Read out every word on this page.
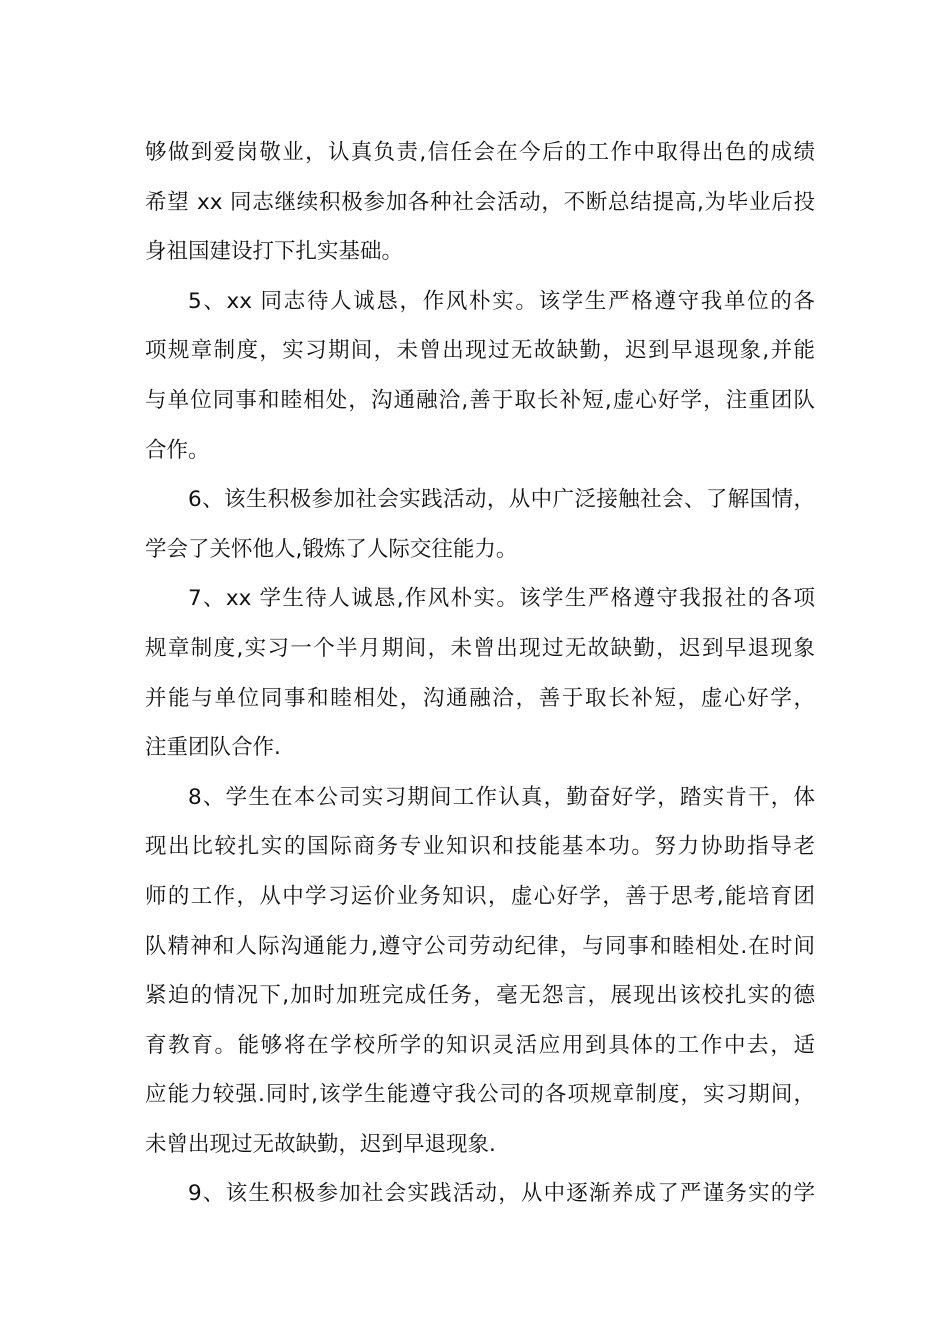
够做到爱岗敬业，认真负责,信任会在今后的工作中取得出色的成绩
希望 xx 同志继续积极参加各种社会活动，不断总结提高,为毕业后投
身祖国建设打下扎实基础。
5、xx 同志待人诚恳，作风朴实。该学生严格遵守我单位的各
项规章制度，实习期间，未曾出现过无故缺勤，迟到早退现象,并能
与单位同事和睦相处，沟通融洽,善于取长补短,虚心好学，注重团队
合作。
6、该生积极参加社会实践活动，从中广泛接触社会、了解国情，
学会了关怀他人,锻炼了人际交往能力。
7、xx 学生待人诚恳,作风朴实。该学生严格遵守我报社的各项
规章制度,实习一个半月期间，未曾出现过无故缺勤，迟到早退现象
并能与单位同事和睦相处，沟通融洽，善于取长补短，虚心好学，
注重团队合作.
8、学生在本公司实习期间工作认真，勤奋好学，踏实肯干，体
现出比较扎实的国际商务专业知识和技能基本功。努力协助指导老
师的工作，从中学习运价业务知识，虚心好学，善于思考,能培育团
队精神和人际沟通能力,遵守公司劳动纪律，与同事和睦相处.在时间
紧迫的情况下,加时加班完成任务，毫无怨言，展现出该校扎实的德
育教育。能够将在学校所学的知识灵活应用到具体的工作中去，适
应能力较强.同时,该学生能遵守我公司的各项规章制度，实习期间，
未曾出现过无故缺勤，迟到早退现象.
9、该生积极参加社会实践活动，从中逐渐养成了严谨务实的学
